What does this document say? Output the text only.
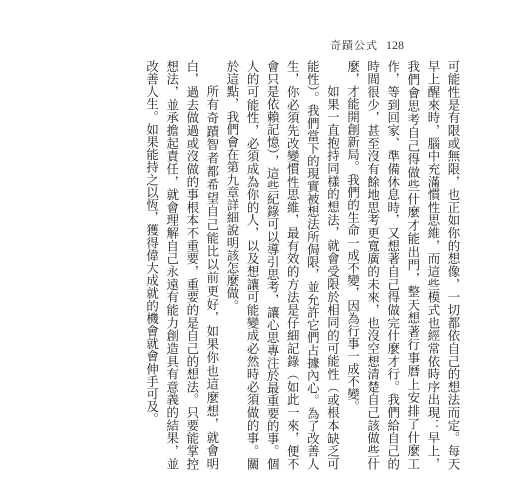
奇蹟公式 128

可能性是有限或無限，也正如你的想像，一切都依自己的想法而定。每天早上醒來時，腦中充滿慣性思維，而這些模式也經常依時序出現：早上，我們會思考自己得做些什麼才能出門，整天想著行事曆上安排了什麼工作，等到回家、準備休息時，又想著自己得做完什麼才行。我們給自己的時間很少，甚至沒有餘地思考更寬廣的未來，也沒空想清楚自己該做些什麼，才能開創新局。我們的生命一成不變，因為行事一成不變。

如果一直抱持同樣的想法，就會受限於相同的可能性（或根本缺乏可能性）。我們當下的現實被想法所侷限，並允許它們占據內心。為了改善人生，你必須先改變慣性思維，最有效的方法是仔細記錄（如此一來，便不會只是依賴記憶），這些紀錄可以導引思考，讓心思專注於最重要的事。個人的可能性，必須成為你的人，以及想讓可能變成必然時必須做的事。關於這點，我們會在第九章詳細說明該怎麼做。

所有奇蹟智者都希望自己能比以前更好，如果你也這麼想，就會明白，過去做過或沒做的事根本不重要，重要的是自己的想法。只要能掌控想法，並承擔起責任，就會理解自己永遠有能力創造具有意義的結果，並改善人生。如果能持之以恆，獲得偉大成就的機會就會伸手可及。
